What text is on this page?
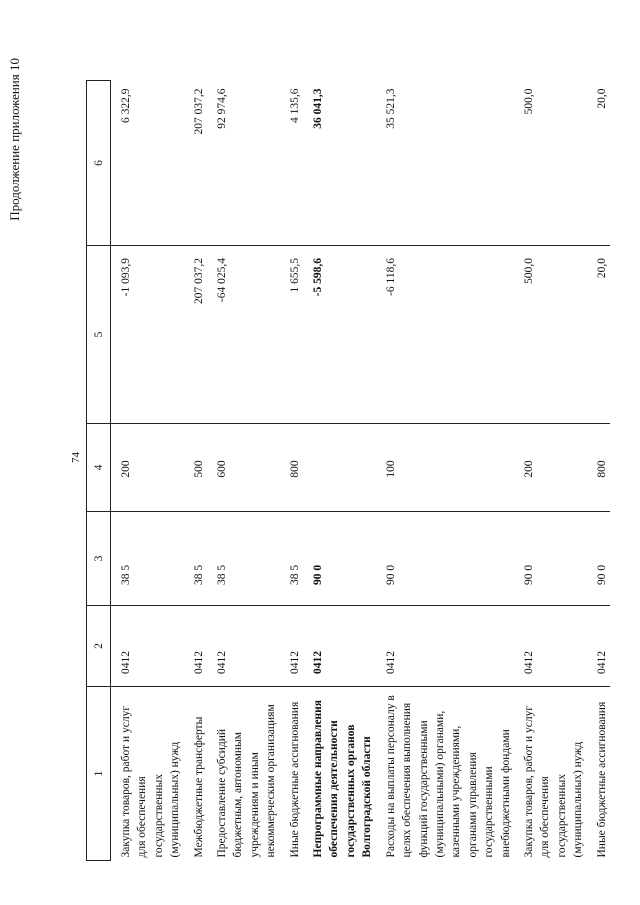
74
Продолжение приложения 10
1	2	3	4	5	6
Закупка товаров, работ и услуг для обеспечения государственных (муниципальных) нужд	0412	38 5	200	-1 093,9	6 322,9
Межбюджетные трансферты	0412	38 5	500	207 037,2	207 037,2
Предоставление субсидий бюджетным, автономным учреждениям и иным некоммерческим организациям	0412	38 5	600	-64 025,4	92 974,6
Иные бюджетные ассигнования	0412	38 5	800	1 655,5	4 135,6
Непрограммные направления обеспечения деятельности государственных органов Волгоградской области	0412	90 0		-5 598,6	36 041,3
Расходы на выплаты персоналу в целях обеспечения выполнения функций государственными (муниципальными) органами, казенными учреждениями, органами управления государственными внебюджетными фондами	0412	90 0	100	-6 118,6	35 521,3
Закупка товаров, работ и услуг для обеспечения государственных (муниципальных) нужд	0412	90 0	200	500,0	500,0
Иные бюджетные ассигнования	0412	90 0	800	20,0	20,0
